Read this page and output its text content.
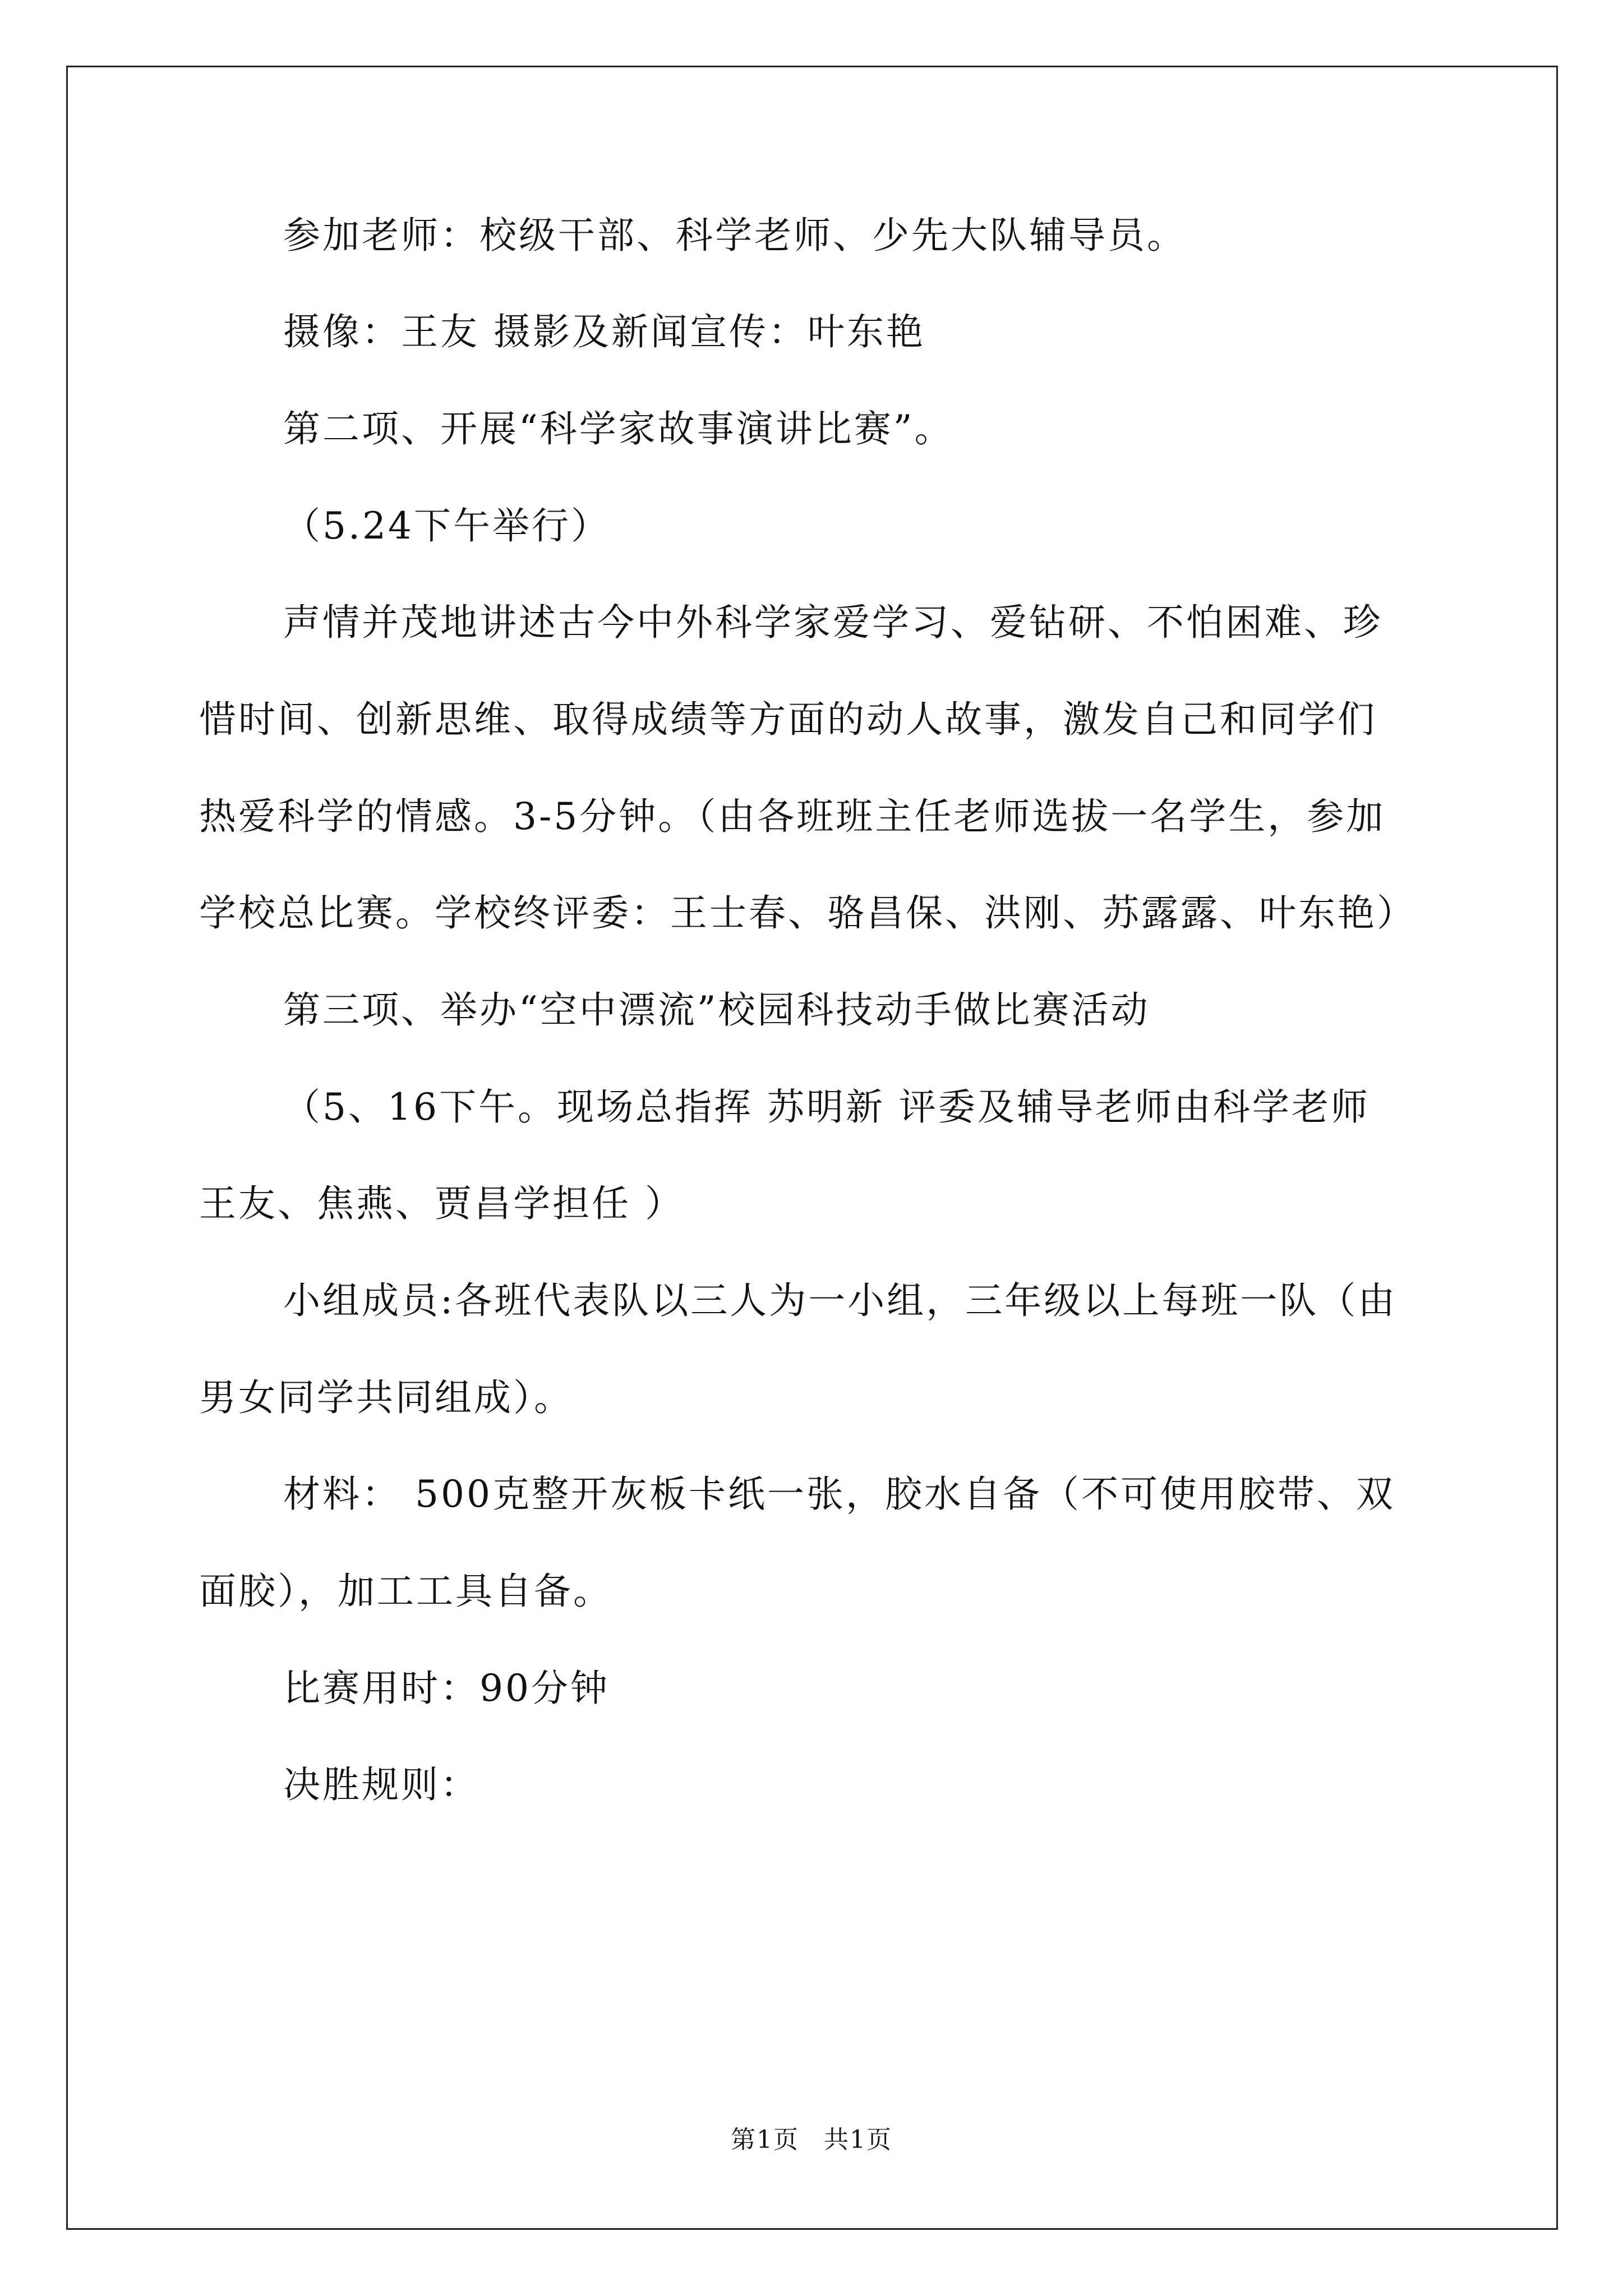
参加老师：校级干部、科学老师、少先大队辅导员。
摄像：王友 摄影及新闻宣传：叶东艳
第二项、开展“科学家故事演讲比赛”。
（5.24下午举行）
声情并茂地讲述古今中外科学家爱学习、爱钻研、不怕困难、珍
惜时间、创新思维、取得成绩等方面的动人故事，激发自己和同学们
热爱科学的情感。3-5分钟。（由各班班主任老师选拔一名学生，参加
学校总比赛。学校终评委：王士春、骆昌保、洪刚、苏露露、叶东艳）
第三项、举办“空中漂流”校园科技动手做比赛活动
（5、16下午。现场总指挥 苏明新 评委及辅导老师由科学老师
王友、焦燕、贾昌学担任 ）
小组成员:各班代表队以三人为一小组，三年级以上每班一队（由
男女同学共同组成）。
材料： 500克整开灰板卡纸一张，胶水自备（不可使用胶带、双
面胶），加工工具自备。
比赛用时：90分钟
决胜规则：
第1页 共1页
